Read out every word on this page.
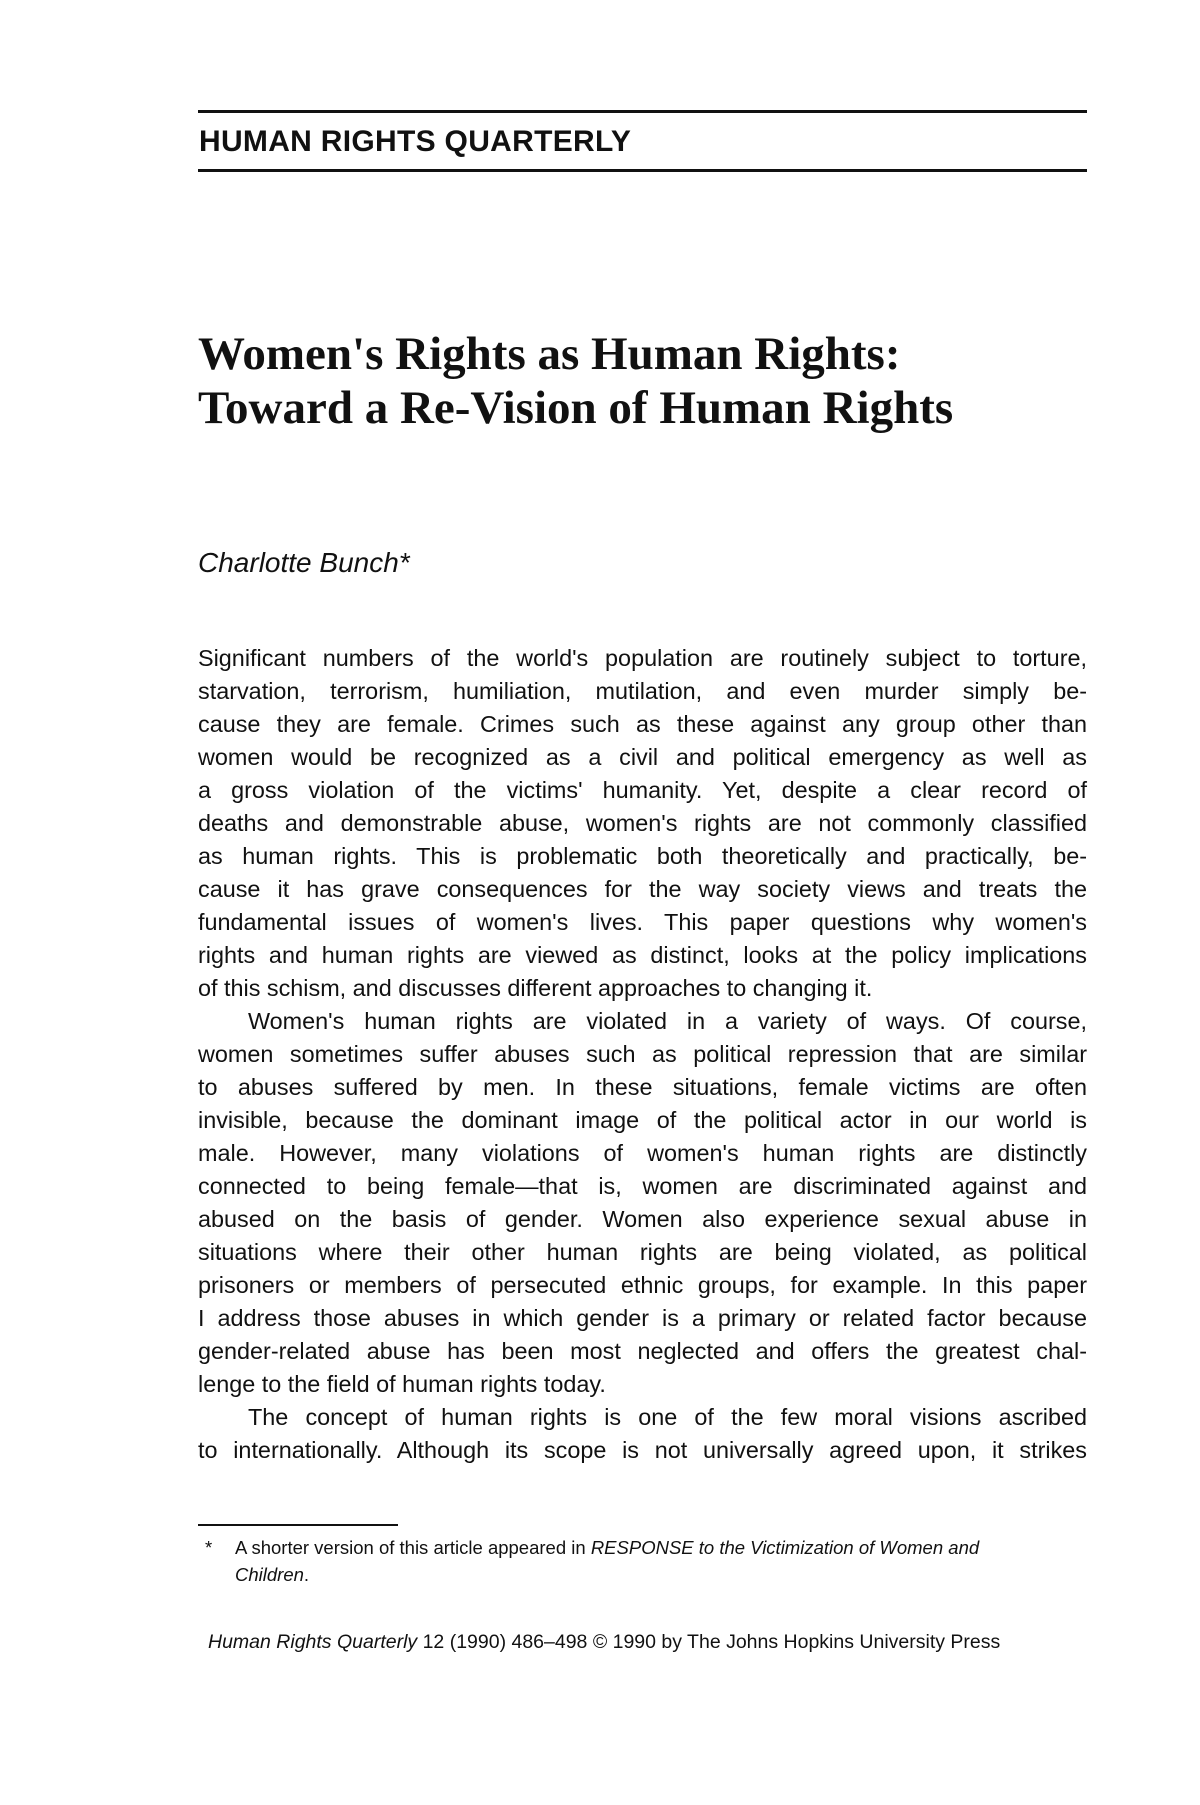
HUMAN RIGHTS QUARTERLY
Women's Rights as Human Rights:
Toward a Re-Vision of Human Rights
Charlotte Bunch*
Significant numbers of the world's population are routinely subject to torture,
starvation, terrorism, humiliation, mutilation, and even murder simply be-
cause they are female. Crimes such as these against any group other than
women would be recognized as a civil and political emergency as well as
a gross violation of the victims' humanity. Yet, despite a clear record of
deaths and demonstrable abuse, women's rights are not commonly classified
as human rights. This is problematic both theoretically and practically, be-
cause it has grave consequences for the way society views and treats the
fundamental issues of women's lives. This paper questions why women's
rights and human rights are viewed as distinct, looks at the policy implications
of this schism, and discusses different approaches to changing it.
Women's human rights are violated in a variety of ways. Of course,
women sometimes suffer abuses such as political repression that are similar
to abuses suffered by men. In these situations, female victims are often
invisible, because the dominant image of the political actor in our world is
male. However, many violations of women's human rights are distinctly
connected to being female—that is, women are discriminated against and
abused on the basis of gender. Women also experience sexual abuse in
situations where their other human rights are being violated, as political
prisoners or members of persecuted ethnic groups, for example. In this paper
I address those abuses in which gender is a primary or related factor because
gender-related abuse has been most neglected and offers the greatest chal-
lenge to the field of human rights today.
The concept of human rights is one of the few moral visions ascribed
to internationally. Although its scope is not universally agreed upon, it strikes
* A shorter version of this article appeared in RESPONSE to the Victimization of Women and
Children.
Human Rights Quarterly 12 (1990) 486–498 © 1990 by The Johns Hopkins University Press
